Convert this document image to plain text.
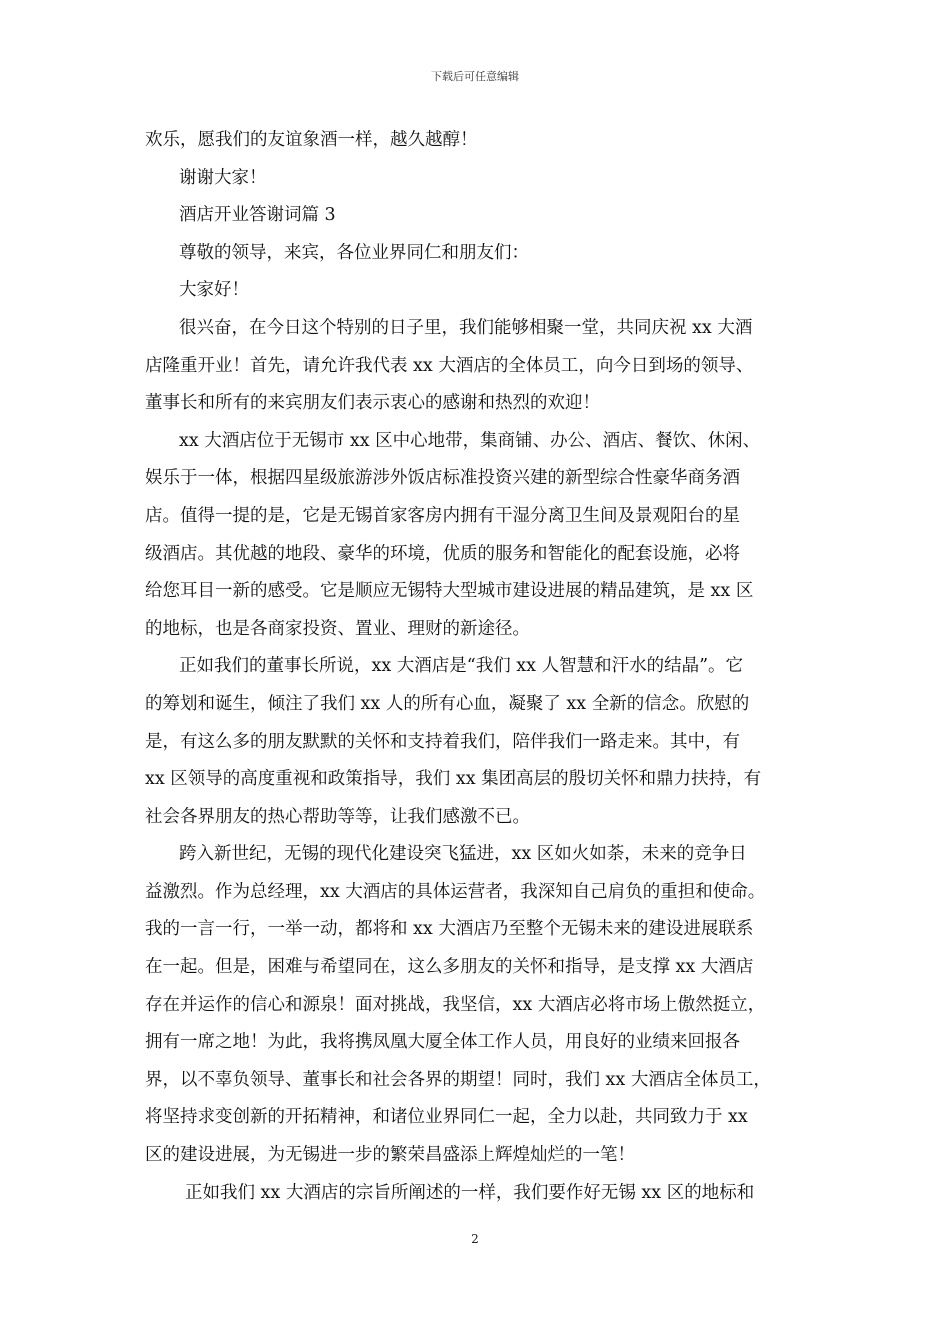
下载后可任意编辑
欢乐，愿我们的友谊象酒一样，越久越醇！
谢谢大家！
酒店开业答谢词篇 3
尊敬的领导，来宾，各位业界同仁和朋友们：
大家好！
很兴奋，在今日这个特别的日子里，我们能够相聚一堂，共同庆祝 xx 大酒
店隆重开业！首先，请允许我代表 xx 大酒店的全体员工，向今日到场的领导、
董事长和所有的来宾朋友们表示衷心的感谢和热烈的欢迎！
xx 大酒店位于无锡市 xx 区中心地带，集商铺、办公、酒店、餐饮、休闲、
娱乐于一体，根据四星级旅游涉外饭店标准投资兴建的新型综合性豪华商务酒
店。值得一提的是，它是无锡首家客房内拥有干湿分离卫生间及景观阳台的星
级酒店。其优越的地段、豪华的环境，优质的服务和智能化的配套设施，必将
给您耳目一新的感受。它是顺应无锡特大型城市建设进展的精品建筑，是 xx 区
的地标，也是各商家投资、置业、理财的新途径。
正如我们的董事长所说，xx 大酒店是“我们 xx 人智慧和汗水的结晶”。它
的筹划和诞生，倾注了我们 xx 人的所有心血，凝聚了 xx 全新的信念。欣慰的
是，有这么多的朋友默默的关怀和支持着我们，陪伴我们一路走来。其中，有
xx 区领导的高度重视和政策指导，我们 xx 集团高层的殷切关怀和鼎力扶持，有
社会各界朋友的热心帮助等等，让我们感激不已。
跨入新世纪，无锡的现代化建设突飞猛进，xx 区如火如荼，未来的竞争日
益激烈。作为总经理，xx 大酒店的具体运营者，我深知自己肩负的重担和使命。
我的一言一行，一举一动，都将和 xx 大酒店乃至整个无锡未来的建设进展联系
在一起。但是，困难与希望同在，这么多朋友的关怀和指导，是支撑 xx 大酒店
存在并运作的信心和源泉！面对挑战，我坚信，xx 大酒店必将市场上傲然挺立，
拥有一席之地！为此，我将携凤凰大厦全体工作人员，用良好的业绩来回报各
界，以不辜负领导、董事长和社会各界的期望！同时，我们 xx 大酒店全体员工，
将坚持求变创新的开拓精神，和诸位业界同仁一起，全力以赴，共同致力于 xx
区的建设进展，为无锡进一步的繁荣昌盛添上辉煌灿烂的一笔！
正如我们 xx 大酒店的宗旨所阐述的一样，我们要作好无锡 xx 区的地标和
2
